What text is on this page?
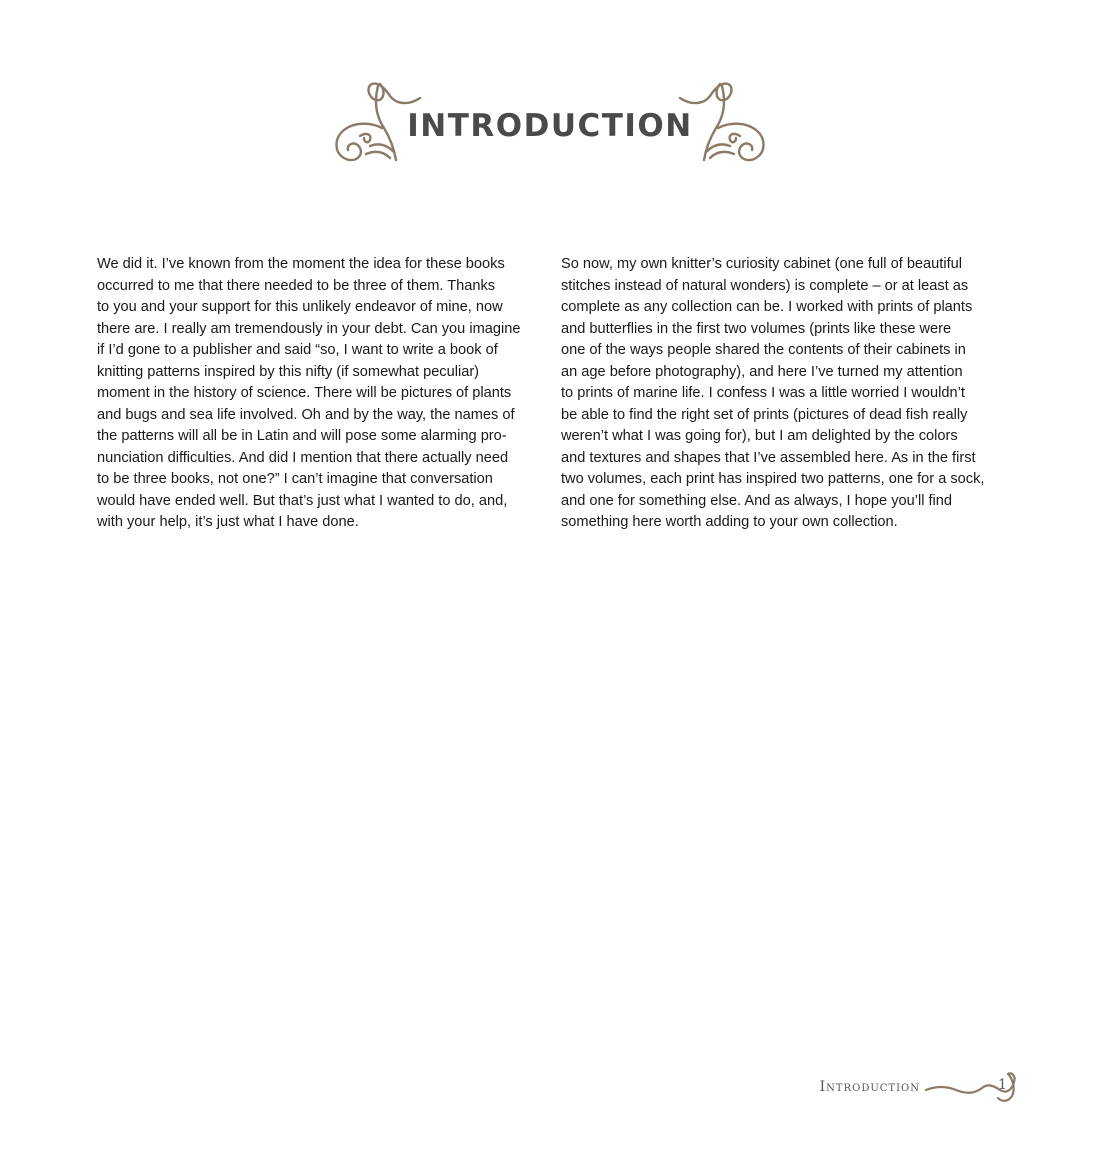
INTRODUCTION

We did it. I’ve known from the moment the idea for these books
occurred to me that there needed to be three of them. Thanks
to you and your support for this unlikely endeavor of mine, now
there are. I really am tremendously in your debt. Can you imagine
if I’d gone to a publisher and said “so, I want to write a book of
knitting patterns inspired by this nifty (if somewhat peculiar)
moment in the history of science. There will be pictures of plants
and bugs and sea life involved. Oh and by the way, the names of
the patterns will all be in Latin and will pose some alarming pro-
nunciation difficulties. And did I mention that there actually need
to be three books, not one?” I can’t imagine that conversation
would have ended well. But that’s just what I wanted to do, and,
with your help, it’s just what I have done.

So now, my own knitter’s curiosity cabinet (one full of beautiful
stitches instead of natural wonders) is complete – or at least as
complete as any collection can be. I worked with prints of plants
and butterflies in the first two volumes (prints like these were
one of the ways people shared the contents of their cabinets in
an age before photography), and here I’ve turned my attention
to prints of marine life. I confess I was a little worried I wouldn’t
be able to find the right set of prints (pictures of dead fish really
weren’t what I was going for), but I am delighted by the colors
and textures and shapes that I’ve assembled here. As in the first
two volumes, each print has inspired two patterns, one for a sock,
and one for something else. And as always, I hope you’ll find
something here worth adding to your own collection.

Introduction	1
